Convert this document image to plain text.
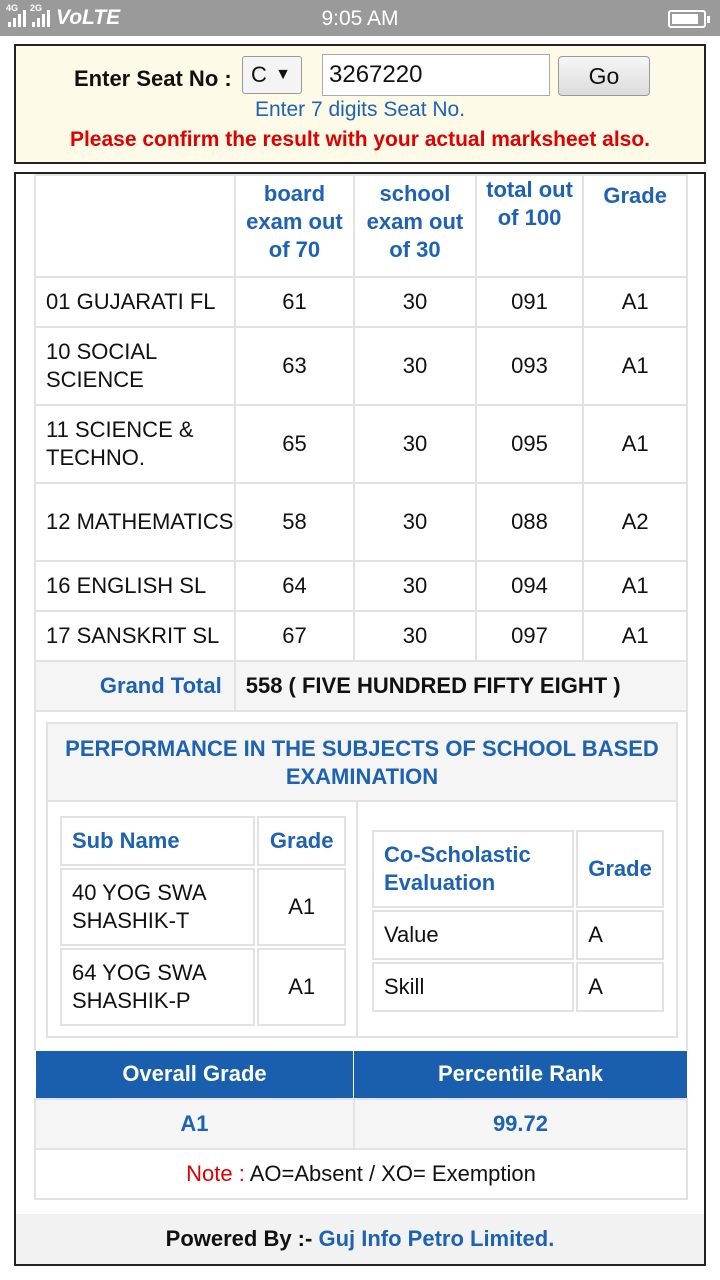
4G 2G VoLTE	9:05 AM
Enter Seat No : C ▼ 3267220	Go
Enter 7 digits Seat No.
Please confirm the result with your actual marksheet also.
	board exam out of 70	school exam out of 30	total out of 100	Grade
01 GUJARATI FL	61	30	091	A1
10 SOCIAL SCIENCE	63	30	093	A1
11 SCIENCE & TECHNO.	65	30	095	A1
12 MATHEMATICS	58	30	088	A2
16 ENGLISH SL	64	30	094	A1
17 SANSKRIT SL	67	30	097	A1
Grand Total	558 ( FIVE HUNDRED FIFTY EIGHT )			
PERFORMANCE IN THE SUBJECTS OF SCHOOL BASED EXAMINATION
Sub Name	Grade
40 YOG SWA SHASHIK-T	A1
64 YOG SWA SHASHIK-P	A1
Co-Scholastic Evaluation	Grade
Value	A
Skill	A
Overall Grade	Percentile Rank
A1	99.72
Note : AO=Absent / XO= Exemption
Powered By :- Guj Info Petro Limited.
